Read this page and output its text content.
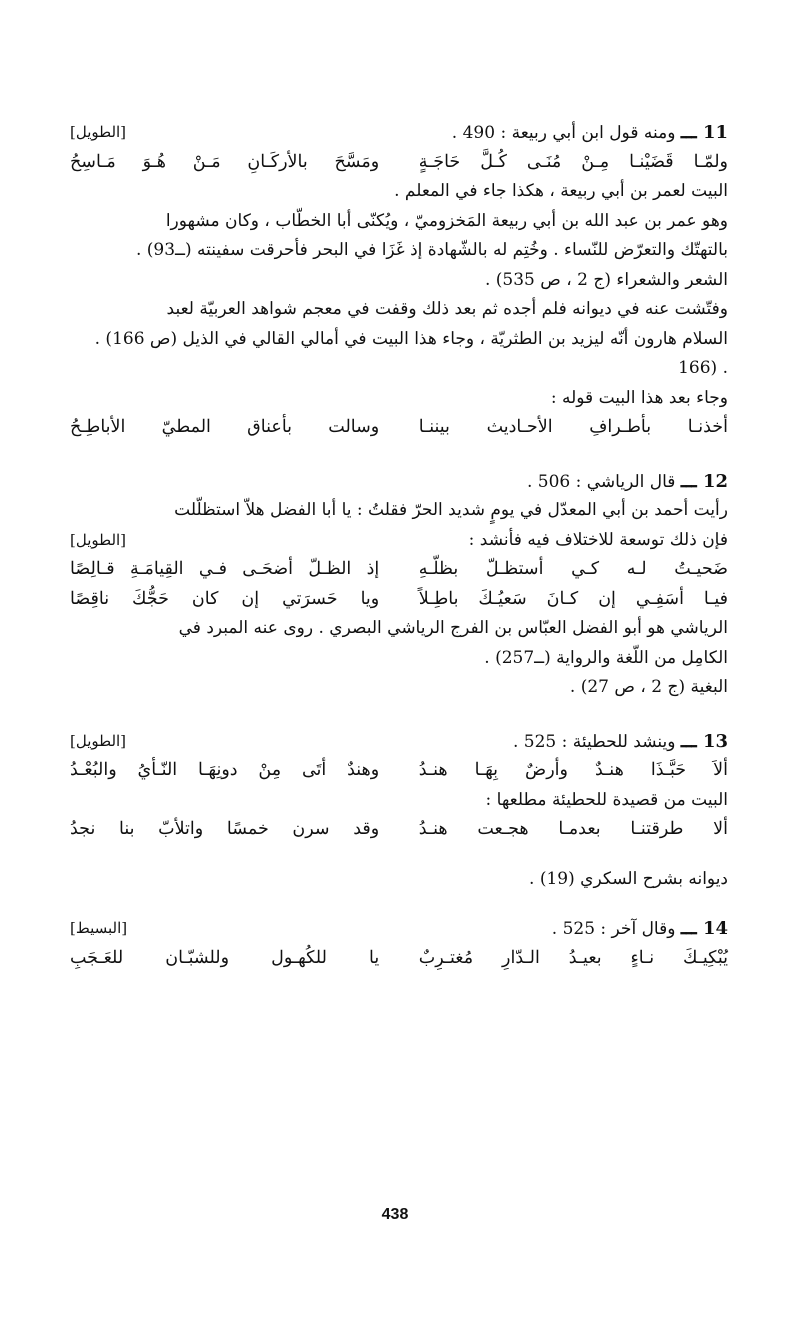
11 ـــ ومنه قول ابن أبي ربيعة : 490 .
[الطويل]
ولمّـا قَضَيْنـا مِـنْ مُنَـى كُـلَّ حَاجَـةٍ
ومَسَّحَ بالأركَـانِ مَـنْ هُـوَ مَـاسِحُ
البيت لعمر بن أبي ربيعة ، هكذا جاء في المعلم .
وهو عمر بن عبد الله بن أبي ربيعة المَخزوميّ ، ويُكنّى أبا الخطّاب ، وكان مشهورا
بالتهتّك والتعرّض للنّساء . وخُتِم له بالشّهادة إذ غَزَا في البحر فأحرقت سفينته (ــ93) .
الشعر والشعراء (ج 2 ، ص 535) .
وفتّشت عنه في ديوانه فلم أجده ثم بعد ذلك وقفت في معجم شواهد العربيّة لعبد
السلام هارون أنّه ليزيد بن الطثريّة ، وجاء هذا البيت في أمالي القالي في الذيل (ص 166) .
. (166
وجاء بعد هذا البيت قوله :
أخذنـا بأطـرافِ الأحـاديث بيننـا
وسالت بأعناق المطيّ الأباطِـحُ
12 ـــ قال الرياشي : 506 .
رأيت أحمد بن أبي المعدّل في يومٍ شديد الحرّ فقلتُ : يا أبا الفضل هلاّ استظلّلت
فإن ذلك توسعة للاختلاف فيه فأنشد :
[الطويل]
ضَحيـتُ لـه كـي أستظـلّ بظلّـهِ
إذ الظـلّ أضحَـى فـي القِيامَـةِ قـالِصًا
فيـا أسَفِـي إن كـانَ سَعيُـكَ باطِـلاً
ويا حَسرَتي إن كان حَجُّكَ ناقِصًا
الرياشي هو أبو الفضل العبّاس بن الفرج الرياشي البصري . روى عنه المبرد في
الكامِل من اللّغة والرواية (ــ257) .
البغية (ج 2 ، ص 27) .
13 ـــ وينشد للحطيئة : 525 .
[الطويل]
ألاَ حَبَّـذَا هنـدٌ وأرضٌ بِهَـا هنـدُ
وهندٌ أتَى مِنْ دونِهَـا النّـأيُ والبُعْـدُ
البيت من قصيدة للحطيئة مطلعها :
ألا طرقتنـا بعدمـا هجـعت هنـدُ
وقد سرن خمسًا واتلأبّ بنا نجدُ
ديوانه بشرح السكري (19) .
14 ـــ وقال آخر : 525 .
[البسيط]
يُبْكِيـكَ نـاءٍ بعيـدُ الـدّارِ مُغتـرِبٌ
يا للكُهـول وللشبّـان للعَـجَبِ
438
